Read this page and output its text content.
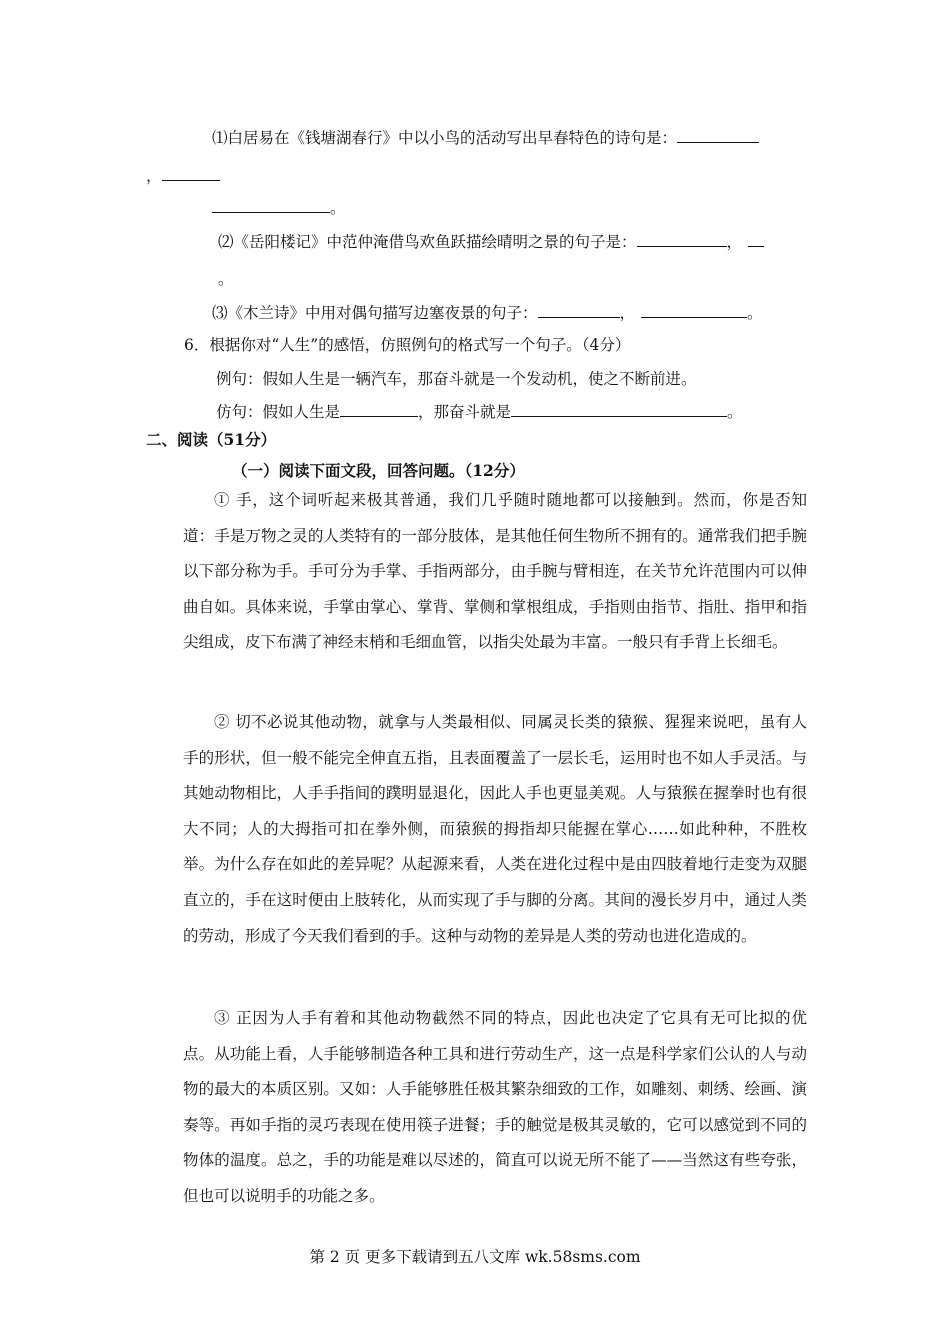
⑴白居易在《钱塘湖春行》中以小鸟的活动写出早春特色的诗句是：
，
。
⑵《岳阳楼记》中范仲淹借鸟欢鱼跃描绘晴明之景的句子是：	，
。
⑶《木兰诗》中用对偶句描写边塞夜景的句子：	，	。
6．根据你对“人生”的感悟，仿照例句的格式写一个句子。（4分）
例句：假如人生是一辆汽车，那奋斗就是一个发动机，使之不断前进。
仿句：假如人生是	，那奋斗就是	。
二、阅读（51分）
（一）阅读下面文段，回答问题。（12分）

① 手，这个词听起来极其普通，我们几乎随时随地都可以接触到。然而，你是否知道：手是万物之灵的人类特有的一部分肢体，是其他任何生物所不拥有的。通常我们把手腕以下部分称为手。手可分为手掌、手指两部分，由手腕与臂相连，在关节允许范围内可以伸曲自如。具体来说，手掌由掌心、掌背、掌侧和掌根组成，手指则由指节、指肚、指甲和指尖组成，皮下布满了神经末梢和毛细血管，以指尖处最为丰富。一般只有手背上长细毛。

② 切不必说其他动物，就拿与人类最相似、同属灵长类的猿猴、猩猩来说吧，虽有人手的形状，但一般不能完全伸直五指，且表面覆盖了一层长毛，运用时也不如人手灵活。与其她动物相比，人手手指间的蹼明显退化，因此人手也更显美观。人与猿猴在握拳时也有很大不同；人的大拇指可扣在拳外侧，而猿猴的拇指却只能握在掌心……如此种种，不胜枚举。为什么存在如此的差异呢？从起源来看，人类在进化过程中是由四肢着地行走变为双腿直立的，手在这时便由上肢转化，从而实现了手与脚的分离。其间的漫长岁月中，通过人类的劳动，形成了今天我们看到的手。这种与动物的差异是人类的劳动也进化造成的。

③ 正因为人手有着和其他动物截然不同的特点，因此也决定了它具有无可比拟的优点。从功能上看，人手能够制造各种工具和进行劳动生产，这一点是科学家们公认的人与动物的最大的本质区别。又如：人手能够胜任极其繁杂细致的工作，如雕刻、刺绣、绘画、演奏等。再如手指的灵巧表现在使用筷子进餐；手的触觉是极其灵敏的，它可以感觉到不同的物体的温度。总之，手的功能是难以尽述的，简直可以说无所不能了——当然这有些夸张，但也可以说明手的功能之多。

第 2 页 更多下载请到五八文库 wk.58sms.com
